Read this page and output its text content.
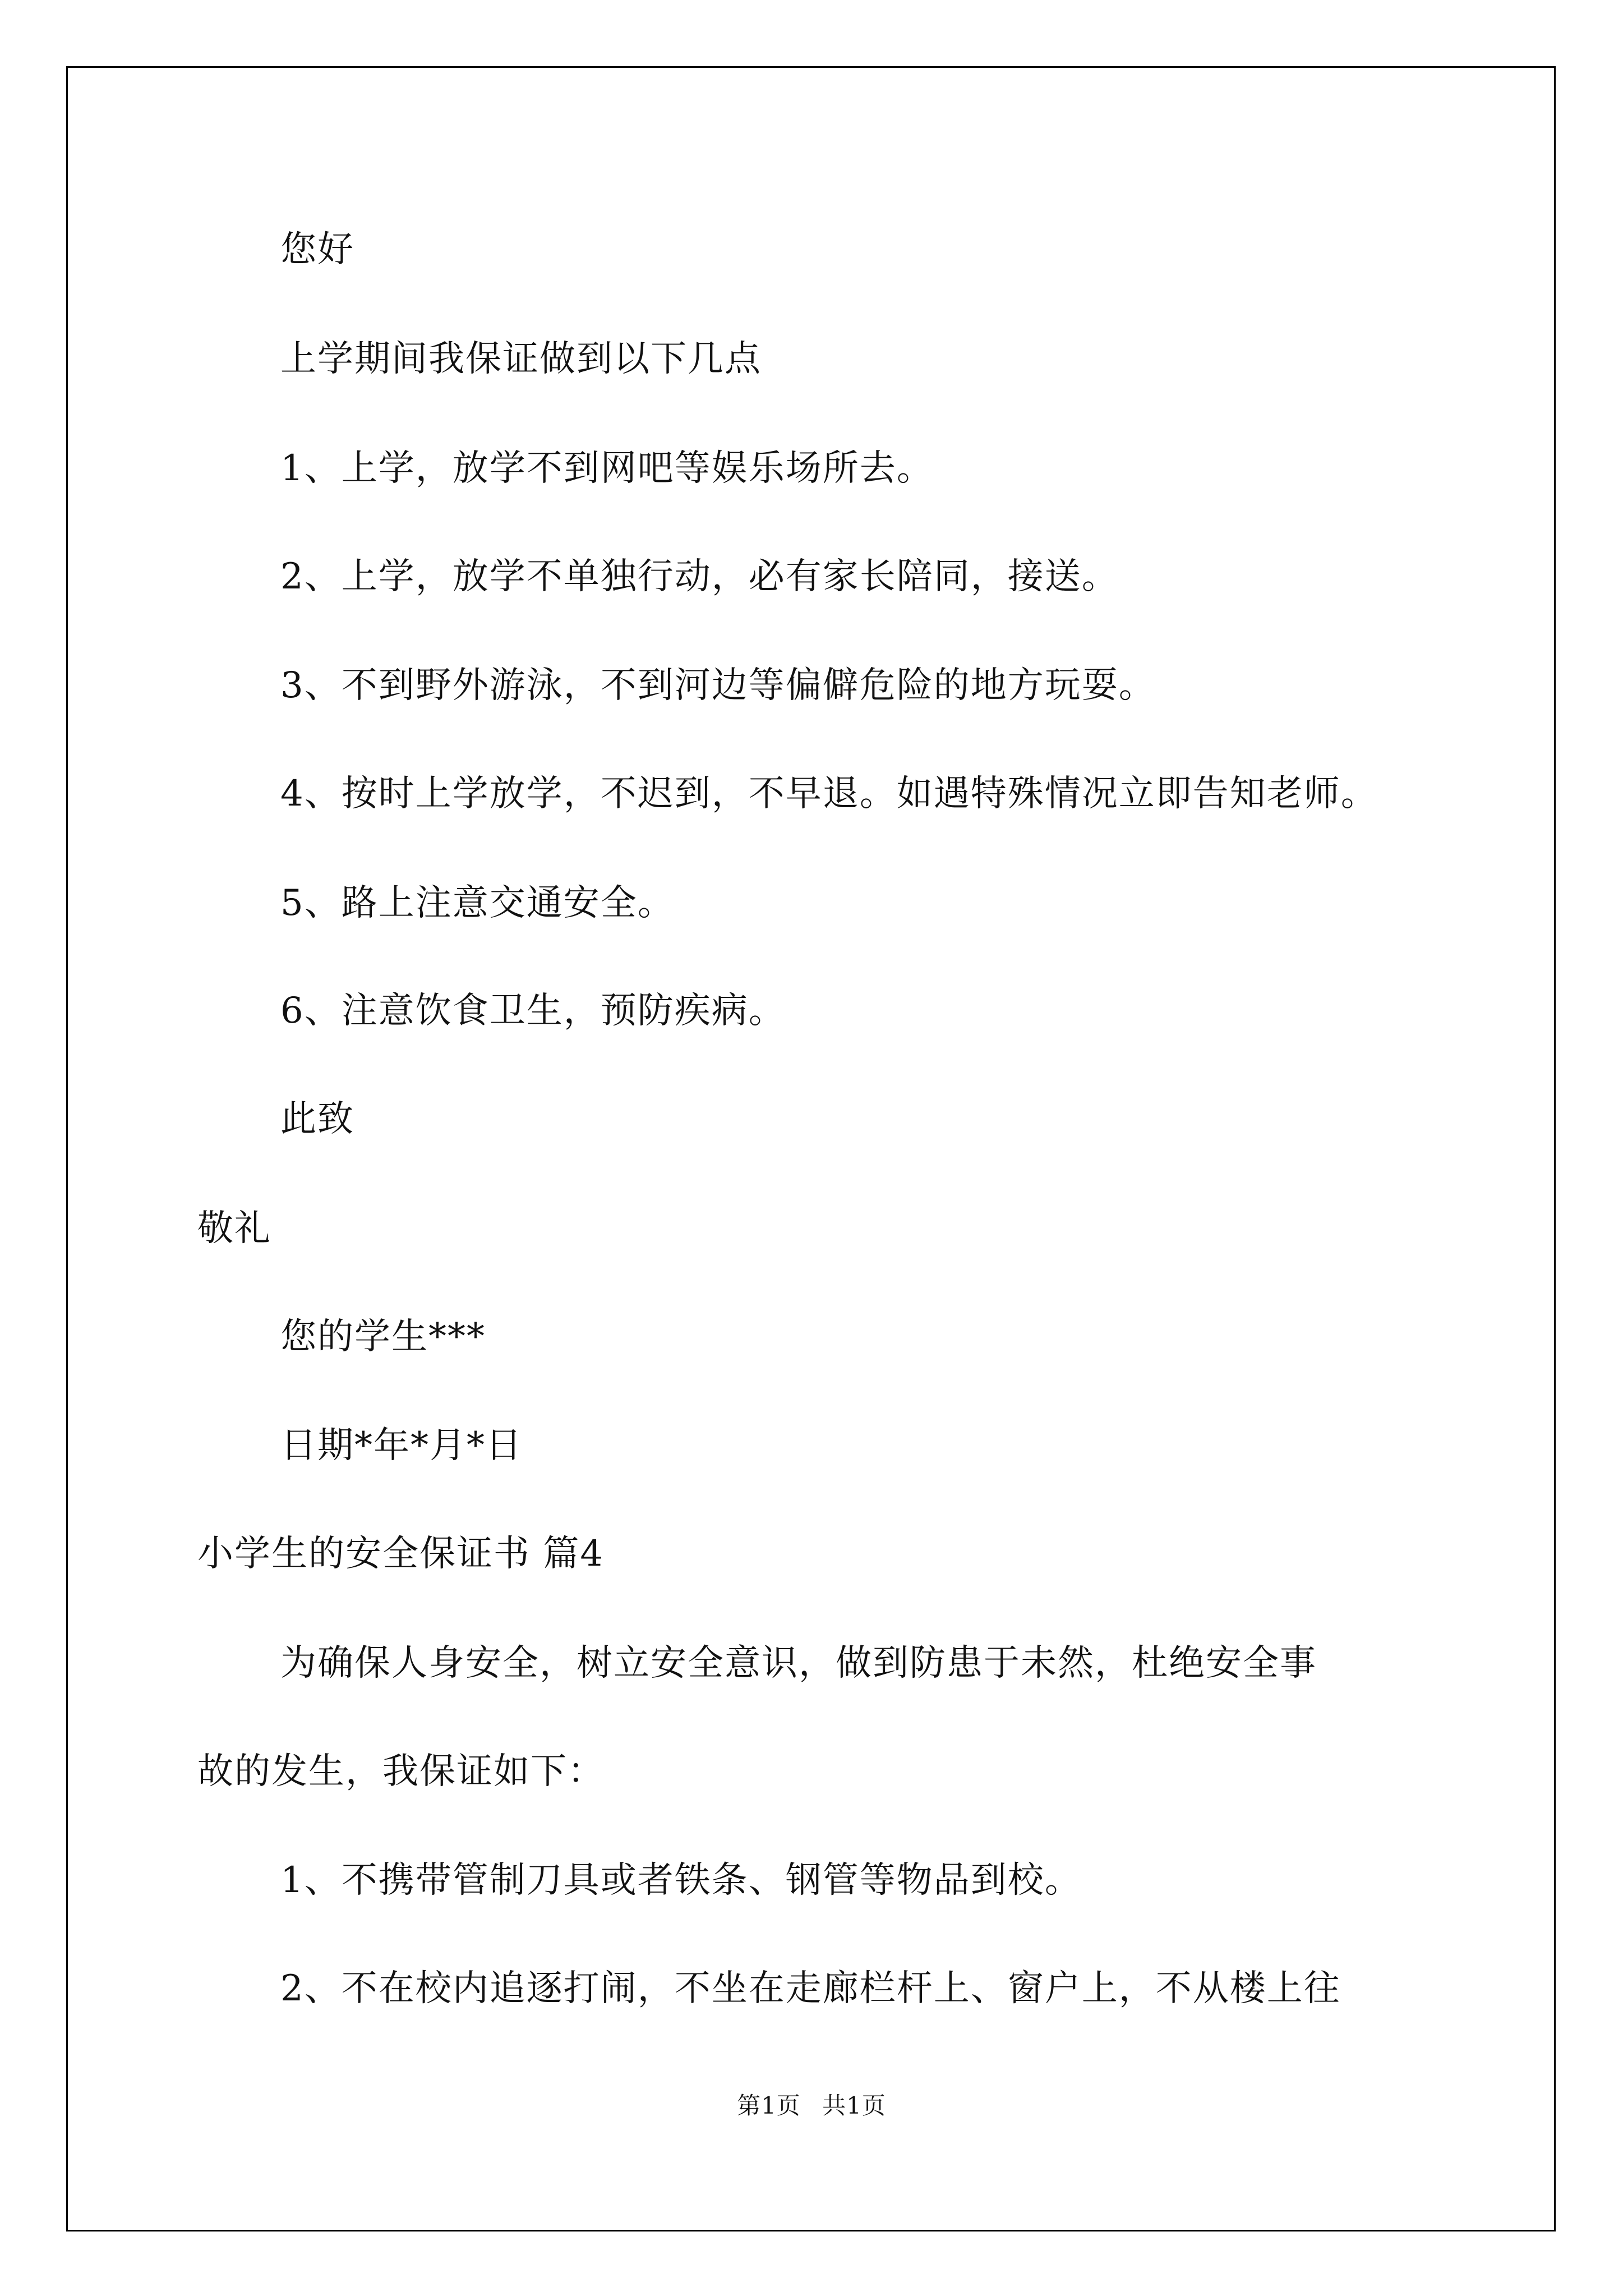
您好
上学期间我保证做到以下几点
1、上学，放学不到网吧等娱乐场所去。
2、上学，放学不单独行动，必有家长陪同，接送。
3、不到野外游泳，不到河边等偏僻危险的地方玩耍。
4、按时上学放学，不迟到，不早退。如遇特殊情况立即告知老师。
5、路上注意交通安全。
6、注意饮食卫生，预防疾病。
此致
敬礼
您的学生***
日期*年*月*日
小学生的安全保证书 篇4
为确保人身安全，树立安全意识，做到防患于未然，杜绝安全事
故的发生，我保证如下：
1、不携带管制刀具或者铁条、钢管等物品到校。
2、不在校内追逐打闹，不坐在走廊栏杆上、窗户上，不从楼上往
第1页 共1页
